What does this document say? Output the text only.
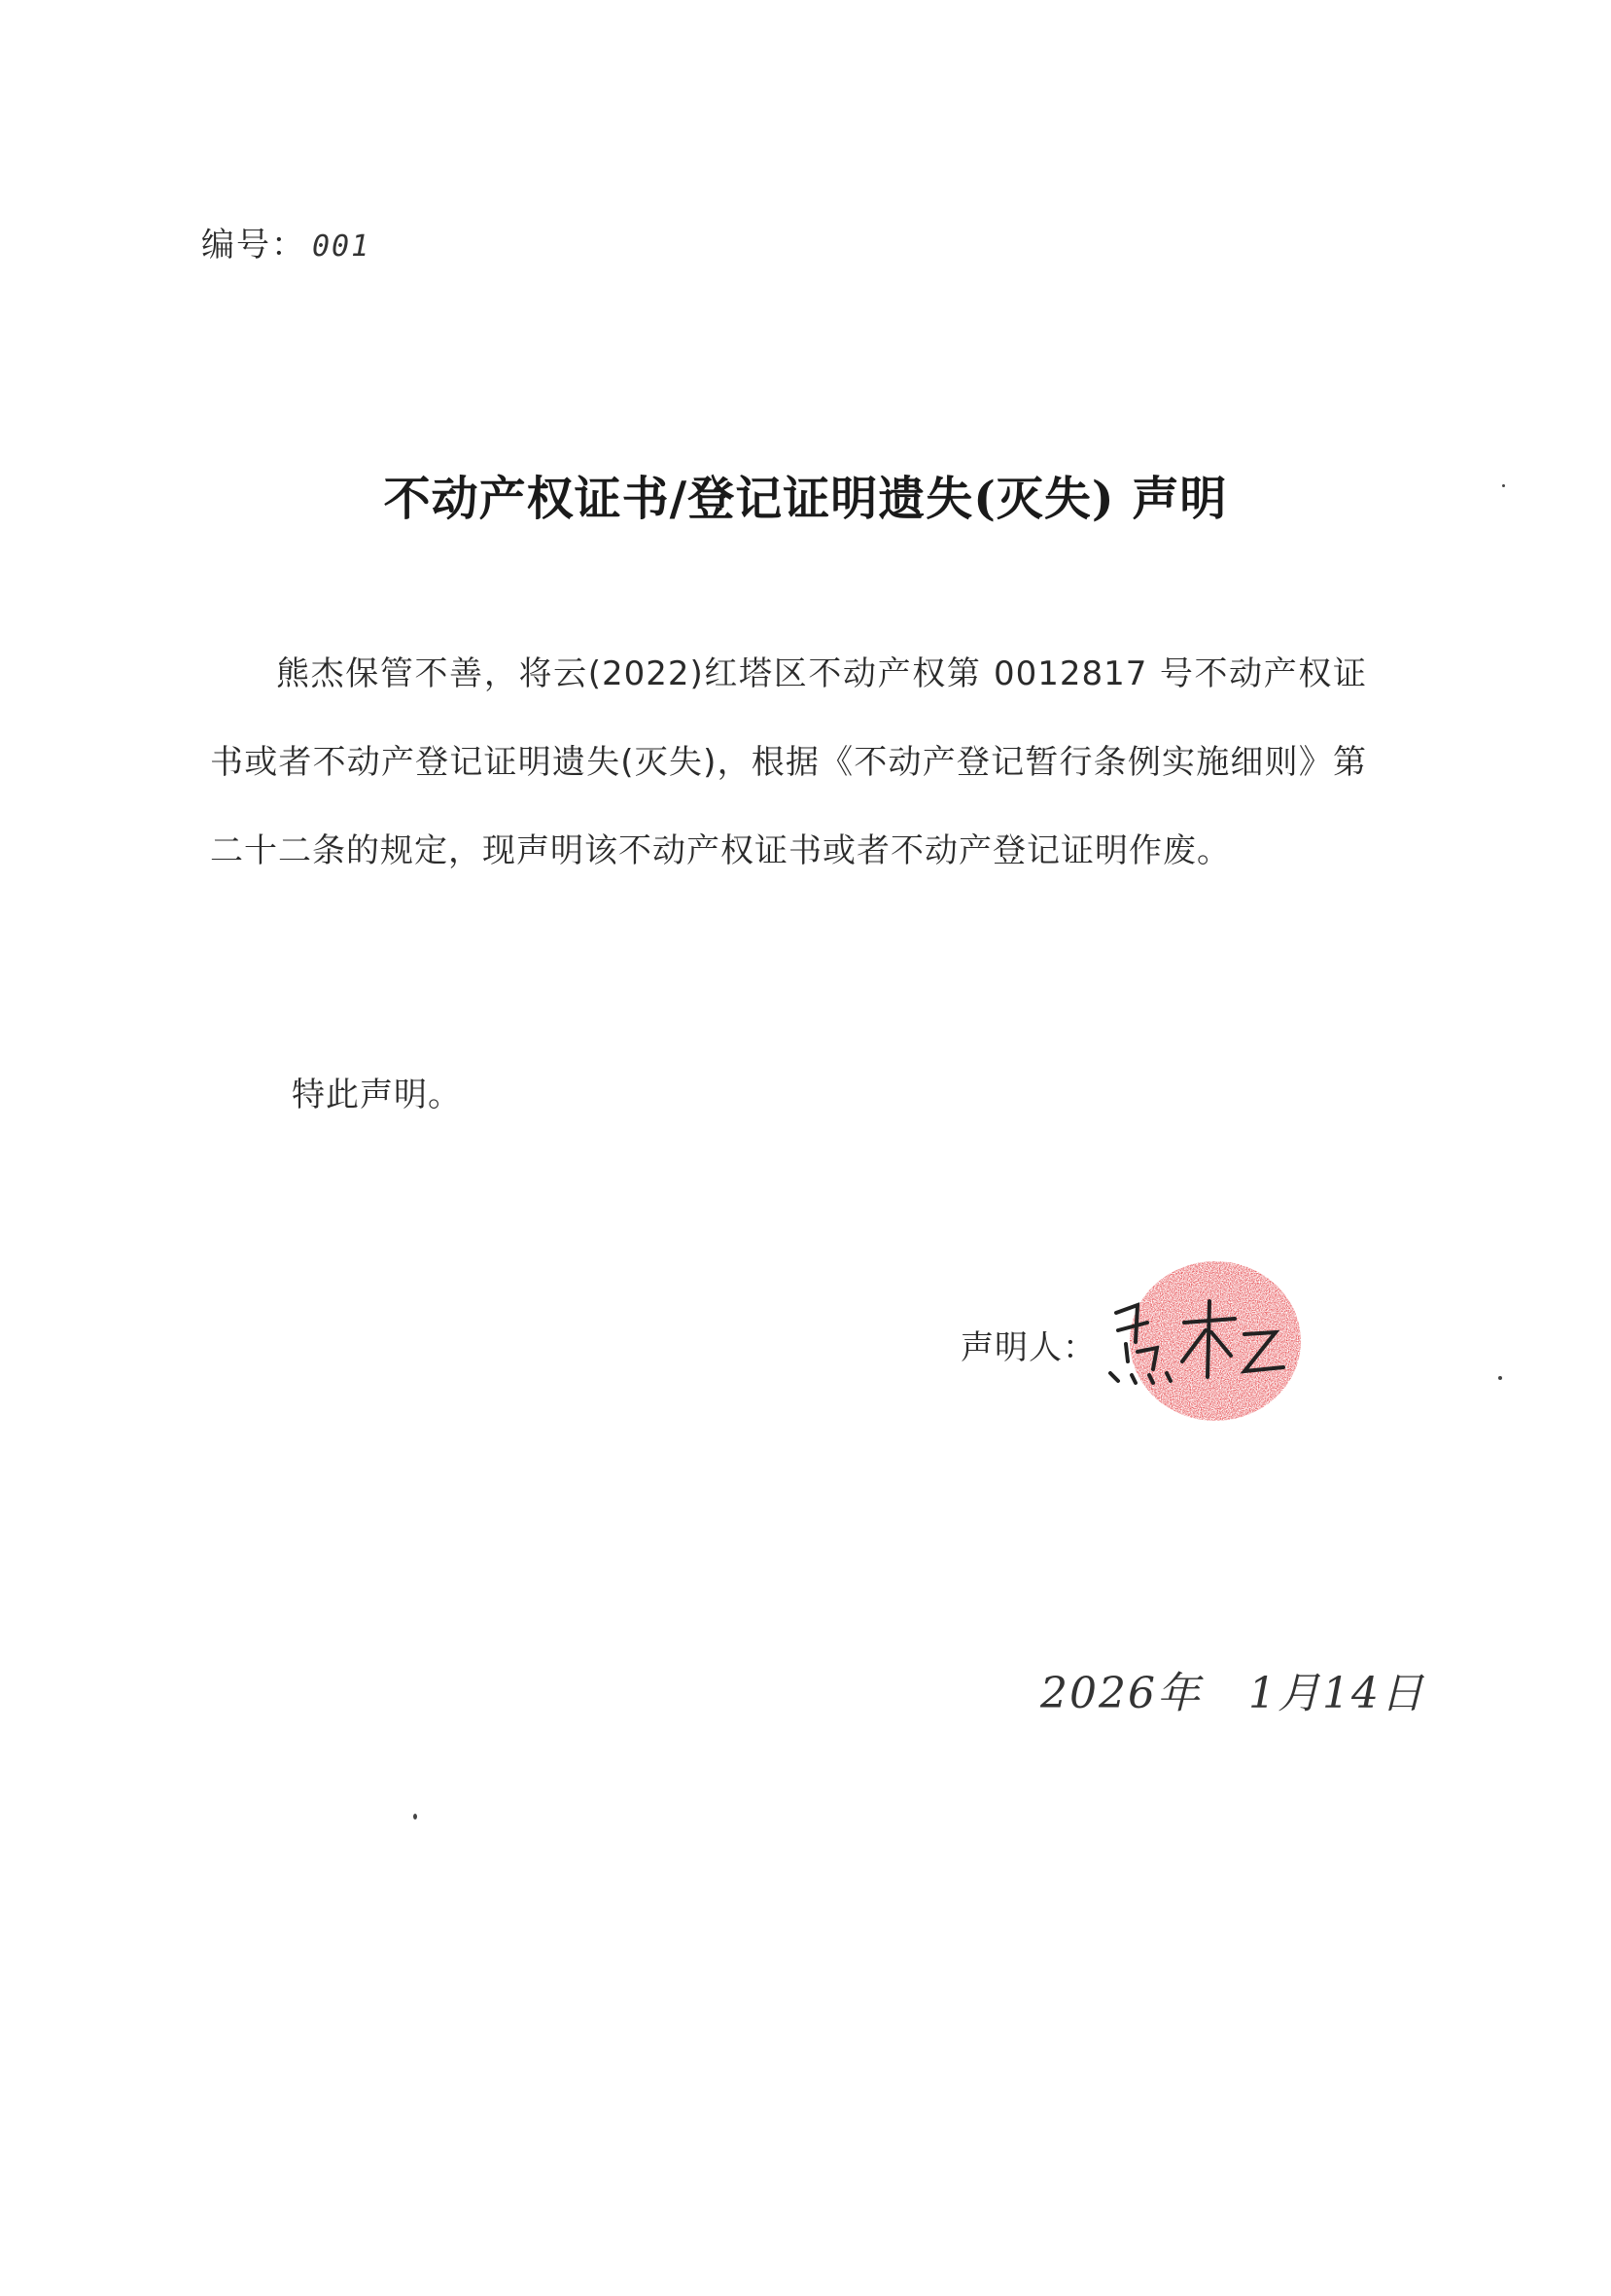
编号： 001
不动产权证书/登记证明遗失(灭失) 声明
熊杰保管不善，将云(2022)红塔区不动产权第 0012817 号不动产权证书或者不动产登记证明遗失(灭失)，根据《不动产登记暂行条例实施细则》第二十二条的规定，现声明该不动产权证书或者不动产登记证明作废。
特此声明。
声明人：
2026年 1月14日
